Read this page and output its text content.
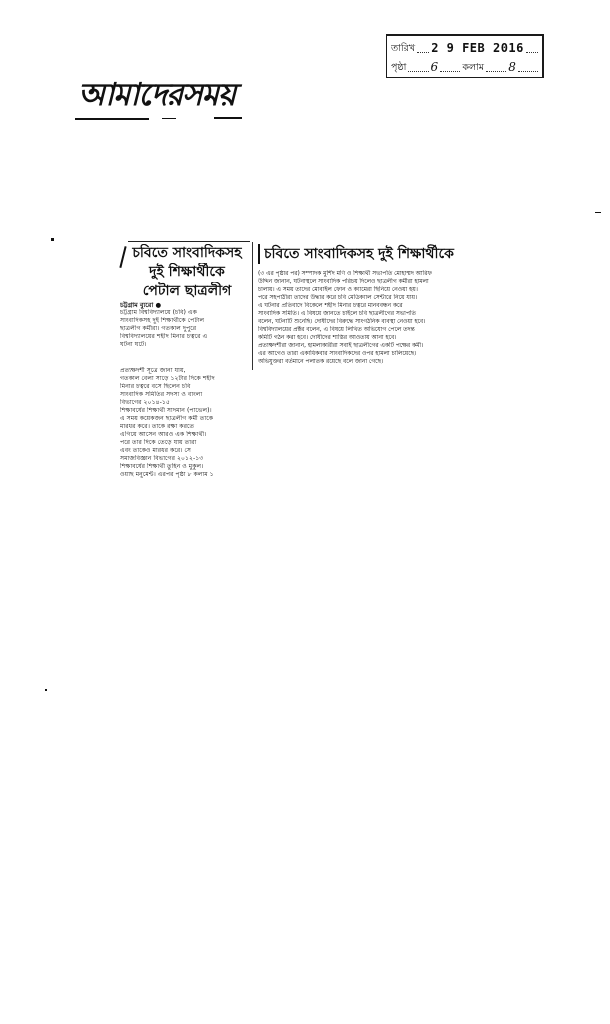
তারিখ 2 9 FEB 2016
পৃষ্ঠা 6	কলাম 8
আমাদেরসময়
চবিতে সাংবাদিকসহ
দুই শিক্ষার্থীকে
পেটাল ছাত্রলীগ
চট্টগ্রাম ব্যুরো ●
চট্টগ্রাম বিশ্ববিদ্যালয়ে (চবি) এক
সাংবাদিকসহ দুই শিক্ষার্থীকে পেটাল
ছাত্রলীগ কর্মীরা। গতকাল দুপুরে
বিশ্ববিদ্যালয়ের শহীদ মিনার চত্বরে এ
ঘটনা ঘটে।
প্রত্যক্ষদর্শী সূত্রে জানা যায়,
গতকাল বেলা সাড়ে ১২টার দিকে শহীদ
মিনার চত্বরে বসে ছিলেন চবি
সাংবাদিক সমিতির সদস্য ও বাংলা
বিভাগের ২০১৪-১৫
শিক্ষাবর্ষের শিক্ষার্থী সাদমান (পাভেল)।
এ সময় কয়েকজন ছাত্রলীগ কর্মী তাকে
মারধর করে। তাকে রক্ষা করতে
এগিয়ে আসেন আরও এক শিক্ষার্থী।
পরে তার দিকে তেড়ে যায় তারা
এবং তাকেও মারধর করে। সে
সমাজবিজ্ঞান বিভাগের ২০১২-১৩
শিক্ষাবর্ষের শিক্ষার্থী তুহিন ও মুকুল।
ওয়াছ মনুমেন্ট। এরপর পৃষ্ঠা ৮ কলাম ১
চবিতে সাংবাদিকসহ দুই শিক্ষার্থীকে
(৩ এর পৃষ্ঠার পর) সম্পাদক মুর্শিদ মণি ও শিক্ষার্থী সভাপতি মোহাম্মদ আরিফ
উদ্দিন জানান, ঘটনাস্থলে সাংবাদিক পরিচয় দিলেও ছাত্রলীগ কর্মীরা হামলা
চালায়। এ সময় তাদের মোবাইল ফোন ও ক্যামেরা ছিনিয়ে নেওয়া হয়।
পরে সহপাঠীরা তাদের উদ্ধার করে চবি মেডিক্যাল সেন্টারে নিয়ে যায়।
এ ঘটনার প্রতিবাদে বিকেলে শহীদ মিনার চত্বরে মানববন্ধন করে
সাংবাদিক সমিতি। এ বিষয়ে জানতে চাইলে চবি ছাত্রলীগের সভাপতি
বলেন, ঘটনাটি শুনেছি। দোষীদের বিরুদ্ধে সাংগঠনিক ব্যবস্থা নেওয়া হবে।
বিশ্ববিদ্যালয়ের প্রক্টর বলেন, এ বিষয়ে লিখিত অভিযোগ পেলে তদন্ত
কমিটি গঠন করা হবে। দোষীদের শাস্তির আওতায় আনা হবে।
প্রত্যক্ষদর্শীরা জানান, হামলাকারীরা সবাই ছাত্রলীগের একটি পক্ষের কর্মী।
এর আগেও তারা একাধিকবার সাংবাদিকদের ওপর হামলা চালিয়েছে।
অভিযুক্তরা বর্তমানে পলাতক রয়েছে বলে জানা গেছে।
